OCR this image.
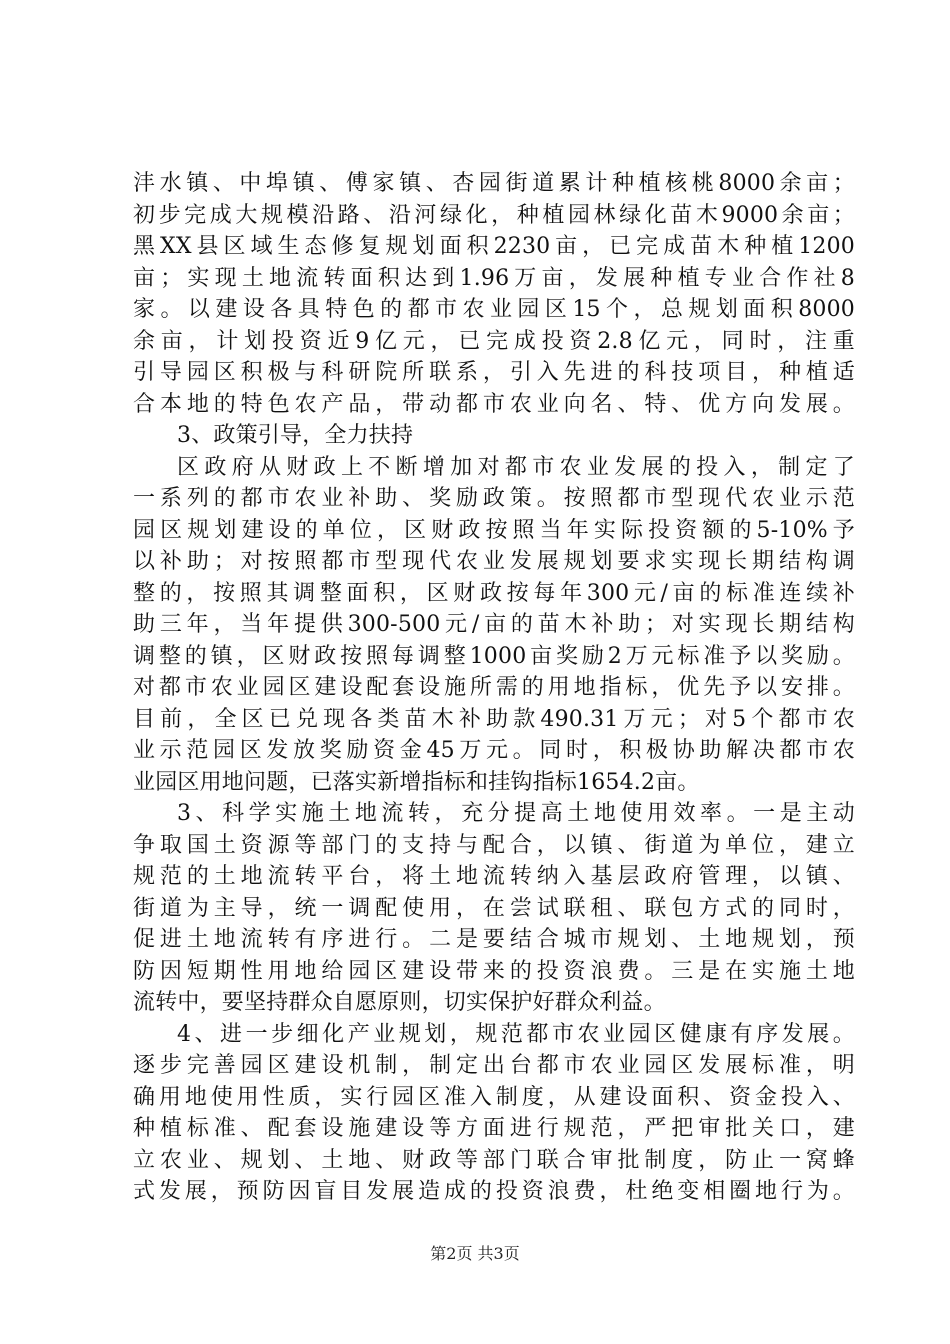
沣水镇、中埠镇、傅家镇、杏园街道累计种植核桃8000余亩；
初步完成大规模沿路、沿河绿化，种植园林绿化苗木9000余亩；
黑XX县区域生态修复规划面积2230亩，已完成苗木种植1200
亩；实现土地流转面积达到1.96万亩，发展种植专业合作社8
家。以建设各具特色的都市农业园区15个，总规划面积8000
余亩，计划投资近9亿元，已完成投资2.8亿元，同时，注重
引导园区积极与科研院所联系，引入先进的科技项目，种植适
合本地的特色农产品，带动都市农业向名、特、优方向发展。
3、政策引导，全力扶持
区政府从财政上不断增加对都市农业发展的投入，制定了
一系列的都市农业补助、奖励政策。按照都市型现代农业示范
园区规划建设的单位，区财政按照当年实际投资额的5-10%予
以补助；对按照都市型现代农业发展规划要求实现长期结构调
整的，按照其调整面积，区财政按每年300元/亩的标准连续补
助三年，当年提供300-500元/亩的苗木补助；对实现长期结构
调整的镇，区财政按照每调整1000亩奖励2万元标准予以奖励。
对都市农业园区建设配套设施所需的用地指标，优先予以安排。
目前，全区已兑现各类苗木补助款490.31万元；对5个都市农
业示范园区发放奖励资金45万元。同时，积极协助解决都市农
业园区用地问题，已落实新增指标和挂钩指标1654.2亩。
3、科学实施土地流转，充分提高土地使用效率。一是主动
争取国土资源等部门的支持与配合，以镇、街道为单位，建立
规范的土地流转平台，将土地流转纳入基层政府管理，以镇、
街道为主导，统一调配使用，在尝试联租、联包方式的同时，
促进土地流转有序进行。二是要结合城市规划、土地规划，预
防因短期性用地给园区建设带来的投资浪费。三是在实施土地
流转中，要坚持群众自愿原则，切实保护好群众利益。
4、进一步细化产业规划，规范都市农业园区健康有序发展。
逐步完善园区建设机制，制定出台都市农业园区发展标准，明
确用地使用性质，实行园区准入制度，从建设面积、资金投入、
种植标准、配套设施建设等方面进行规范，严把审批关口，建
立农业、规划、土地、财政等部门联合审批制度，防止一窝蜂
式发展，预防因盲目发展造成的投资浪费，杜绝变相圈地行为。
第2页 共3页
